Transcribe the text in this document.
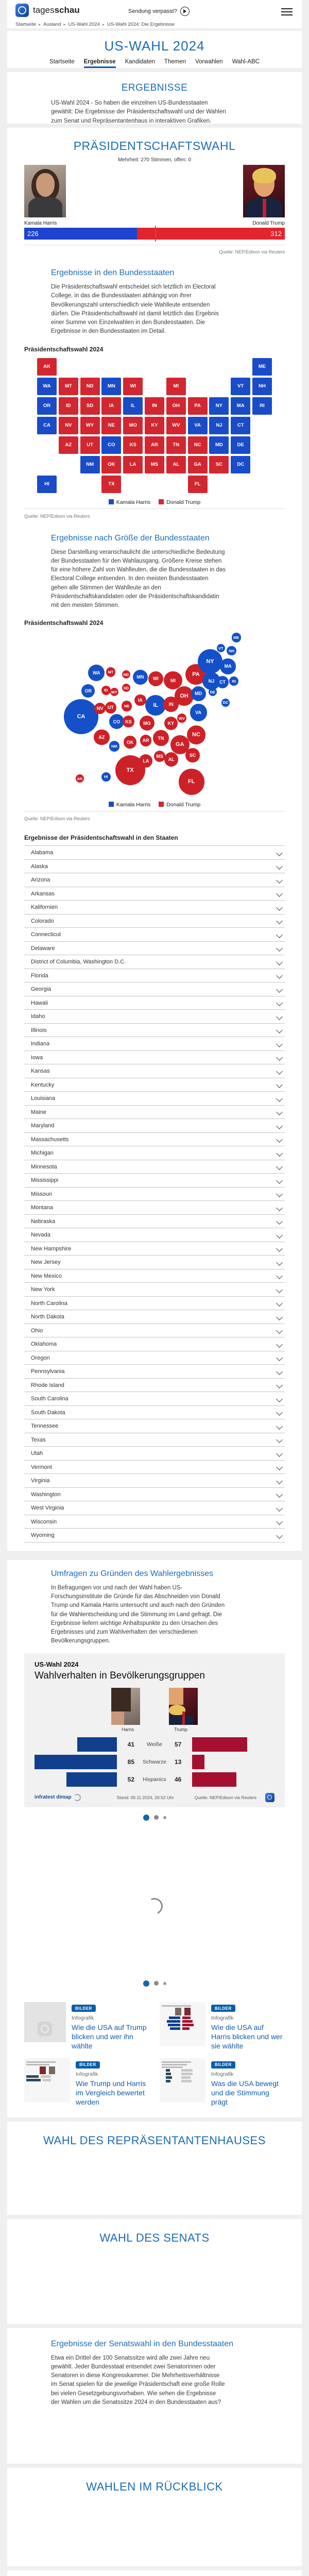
tagesschau	Sendung verpasst?
Startseite ▸ Ausland ▸ US-Wahl 2024 ▸ US-Wahl 2024: Die Ergebnisse
US-WAHL 2024
Startseite Ergebnisse Kandidaten Themen Vorwahlen Wahl-ABC
ERGEBNISSE

US-Wahl 2024 - So haben die einzelnen US-Bundesstaaten gewählt: Die Ergebnisse der Präsidentschaftswahl und der Wahlen zum Senat und Repräsentantenhaus in interaktiven Grafiken.

PRÄSIDENTSCHAFTSWAHL
Mehrheit: 270 Stimmen, offen: 0
Kamala Harris	Donald Trump
226	312
Quelle: NEP/Edison via Reuters
Ergebnisse in den Bundesstaaten

Die Präsidentschaftswahl entscheidet sich letztlich im Electoral College, in das die Bundesstaaten abhängig von ihrer Bevölkerungszahl unterschiedlich viele Wahlleute entsenden dürfen. Die Präsidentschaftswahl ist damit letztlich das Ergebnis einer Summe von Einzelwahlen in den Bundesstaaten. Die Ergebnisse in den Bundesstaaten im Detail.

Präsidentschaftswahl 2024
AK	ME
WA	MT	ND	MN	WI	MI	VT	NH
OR	ID	SD	IA	IL	IN	OH	PA	NY	MA	RI
CA	NV	WY	NE	MO	KY	WV	VA	NJ	CT
AZ	UT	CO	KS	AR	TN	NC	MD	DE
NM	OK	LA	MS	AL	GA	SC	DC
HI	TX	FL
Kamala Harris	Donald Trump
Quelle: NEP/Edison via Reuters
Ergebnisse nach Größe der Bundesstaaten

Diese Darstellung veranschaulicht die unterschiedliche Bedeutung der Bundesstaaten für den Wahlausgang. Größere Kreise stehen für eine höhere Zahl von Wahlleuten, die die Bundesstaaten in das Electoral College entsenden. In den meisten Bundesstaaten gehen alle Stimmen der Wahlleute an den Präsidentschaftskandidaten oder die Präsidentschaftskandidatin mit den meisten Stimmen.

Präsidentschaftswahl 2024
AK
ME
WA	MT
ND	MN	WI	MI
VT
NH
OR	ID
SD
IA
IL	IN
OH
PA
NY
MA
RI
CA
NV
WY
NE
MO	KY
WV
VA
NJ	CT
AZ
UT
CO	KS
AR	TN
NC
MD	DE
NM
OK
LA
MS
AL
GA
SC
DC
HI
TX
FL
Kamala Harris	Donald Trump
Quelle: NEP/Edison via Reuters
Ergebnisse der Präsidentschaftswahl in den Staaten
Alabama
Alaska
Arizona
Arkansas
Kalifornien
Colorado
Connecticut
Delaware
District of Columbia, Washington D.C.
Florida
Georgia
Hawaii
Idaho
Illinois
Indiana
Iowa
Kansas
Kentucky
Louisiana
Maine
Maryland
Massachusetts
Michigan
Minnesota
Mississippi
Missouri
Montana
Nebraska
Nevada
New Hampshire
New Jersey
New Mexico
New York
North Carolina
North Dakota
Ohio
Oklahoma
Oregon
Pennsylvania
Rhode Island
South Carolina
South Dakota
Tennessee
Texas
Utah
Vermont
Virginia
Washington
West Virginia
Wisconsin
Wyoming
Umfragen zu Gründen des Wahlergebnisses

In Befragungen vor und nach der Wahl haben US-Forschungsinstitute die Gründe für das Abschneiden von Donald Trump und Kamala Harris untersucht und auch nach den Gründen für die Wahlentscheidung und die Stimmung im Land gefragt. Die Ergebnisse liefern wichtige Anhaltspunkte zu den Ursachen des Ergebnisses und zum Wahlverhalten der verschiedenen Bevölkerungsgruppen.

US-Wahl 2024

Wahlverhalten in Bevölkerungsgruppen

Harris	Trump
41	Weiße	57
85	Schwarze	13
52	Hispanics	46
infratest dimap	Stand: 06.11.2024, 20:52 Uhr	Quelle: NEP/Edison via Reuters
BILDER
Infografik
Wie die USA auf Trump blicken und wer ihn wählte
BILDER
Infografik
Wie die USA auf Harris blicken und wer sie wählte
BILDER
Infografik
Wie Trump und Harris im Vergleich bewertet werden
BILDER
Infografik
Was die USA bewegt und die Stimmung prägt
WAHL DES REPRÄSENTANTENHAUSES
WAHL DES SENATS
Ergebnisse der Senatswahl in den Bundesstaaten

Etwa ein Drittel der 100 Senatssitze wird alle zwei Jahre neu gewählt. Jeder Bundesstaat entsendet zwei Senatorinnen oder Senatoren in diese Kongresskammer. Die Mehrheitsverhältnisse im Senat spielen für die jeweilige Präsidentschaft eine große Rolle bei vielen Gesetzgebungsvorhaben. Wie sehen die Ergebnisse der Wahlen um die Senatssitze 2024 in den Bundesstaaten aus?

WAHLEN IM RÜCKBLICK
